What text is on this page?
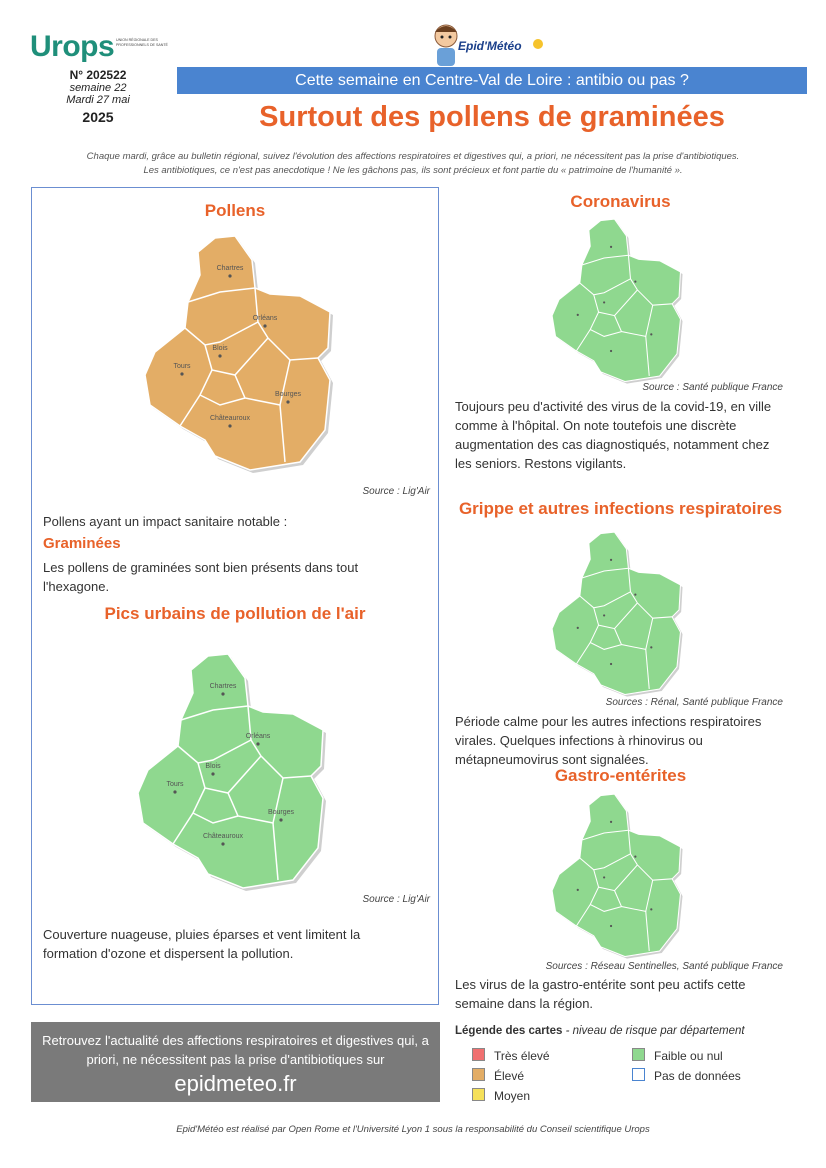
Urops UNION RÉGIONALE DES PROFESSIONNELS DE SANTÉ	Epid'Météo
N° 202522
semaine 22
Mardi 27 mai
2025
Cette semaine en Centre-Val de Loire : antibio ou pas ?
Surtout des pollens de graminées
Chaque mardi, grâce au bulletin régional, suivez l'évolution des affections respiratoires et digestives qui, a priori, ne nécessitent pas la prise d'antibiotiques.
Les antibiotiques, ce n'est pas anecdotique ! Ne les gâchons pas, ils sont précieux et font partie du « patrimoine de l'humanité ».
Pollens
Chartres
Orléans
Blois
Tours
Bourges
Châteauroux
Source : Lig'Air
Pollens ayant un impact sanitaire notable :
Graminées
Les pollens de graminées sont bien présents dans tout l'hexagone.
Pics urbains de pollution de l'air
Chartres
Orléans
Blois
Tours
Bourges
Châteauroux
Source : Lig'Air
Couverture nuageuse, pluies éparses et vent limitent la formation d'ozone et dispersent la pollution.
Coronavirus
Source : Santé publique France
Toujours peu d'activité des virus de la covid-19, en ville comme à l'hôpital. On note toutefois une discrète augmentation des cas diagnostiqués, notamment chez les seniors. Restons vigilants.
Grippe et autres infections respiratoires
Sources : Rénal, Santé publique France
Période calme pour les autres infections respiratoires virales. Quelques infections à rhinovirus ou métapneumovirus sont signalées.
Gastro-entérites
Sources : Réseau Sentinelles, Santé publique France
Les virus de la gastro-entérite sont peu actifs cette semaine dans la région.
Retrouvez l'actualité des affections respiratoires et digestives qui, a priori, ne nécessitent pas la prise d'antibiotiques sur
epidmeteo.fr
Légende des cartes - niveau de risque par département
Très élevé
Élevé
Moyen
Faible ou nul
Pas de données
Epid'Météo est réalisé par Open Rome et l'Université Lyon 1 sous la responsabilité du Conseil scientifique Urops
